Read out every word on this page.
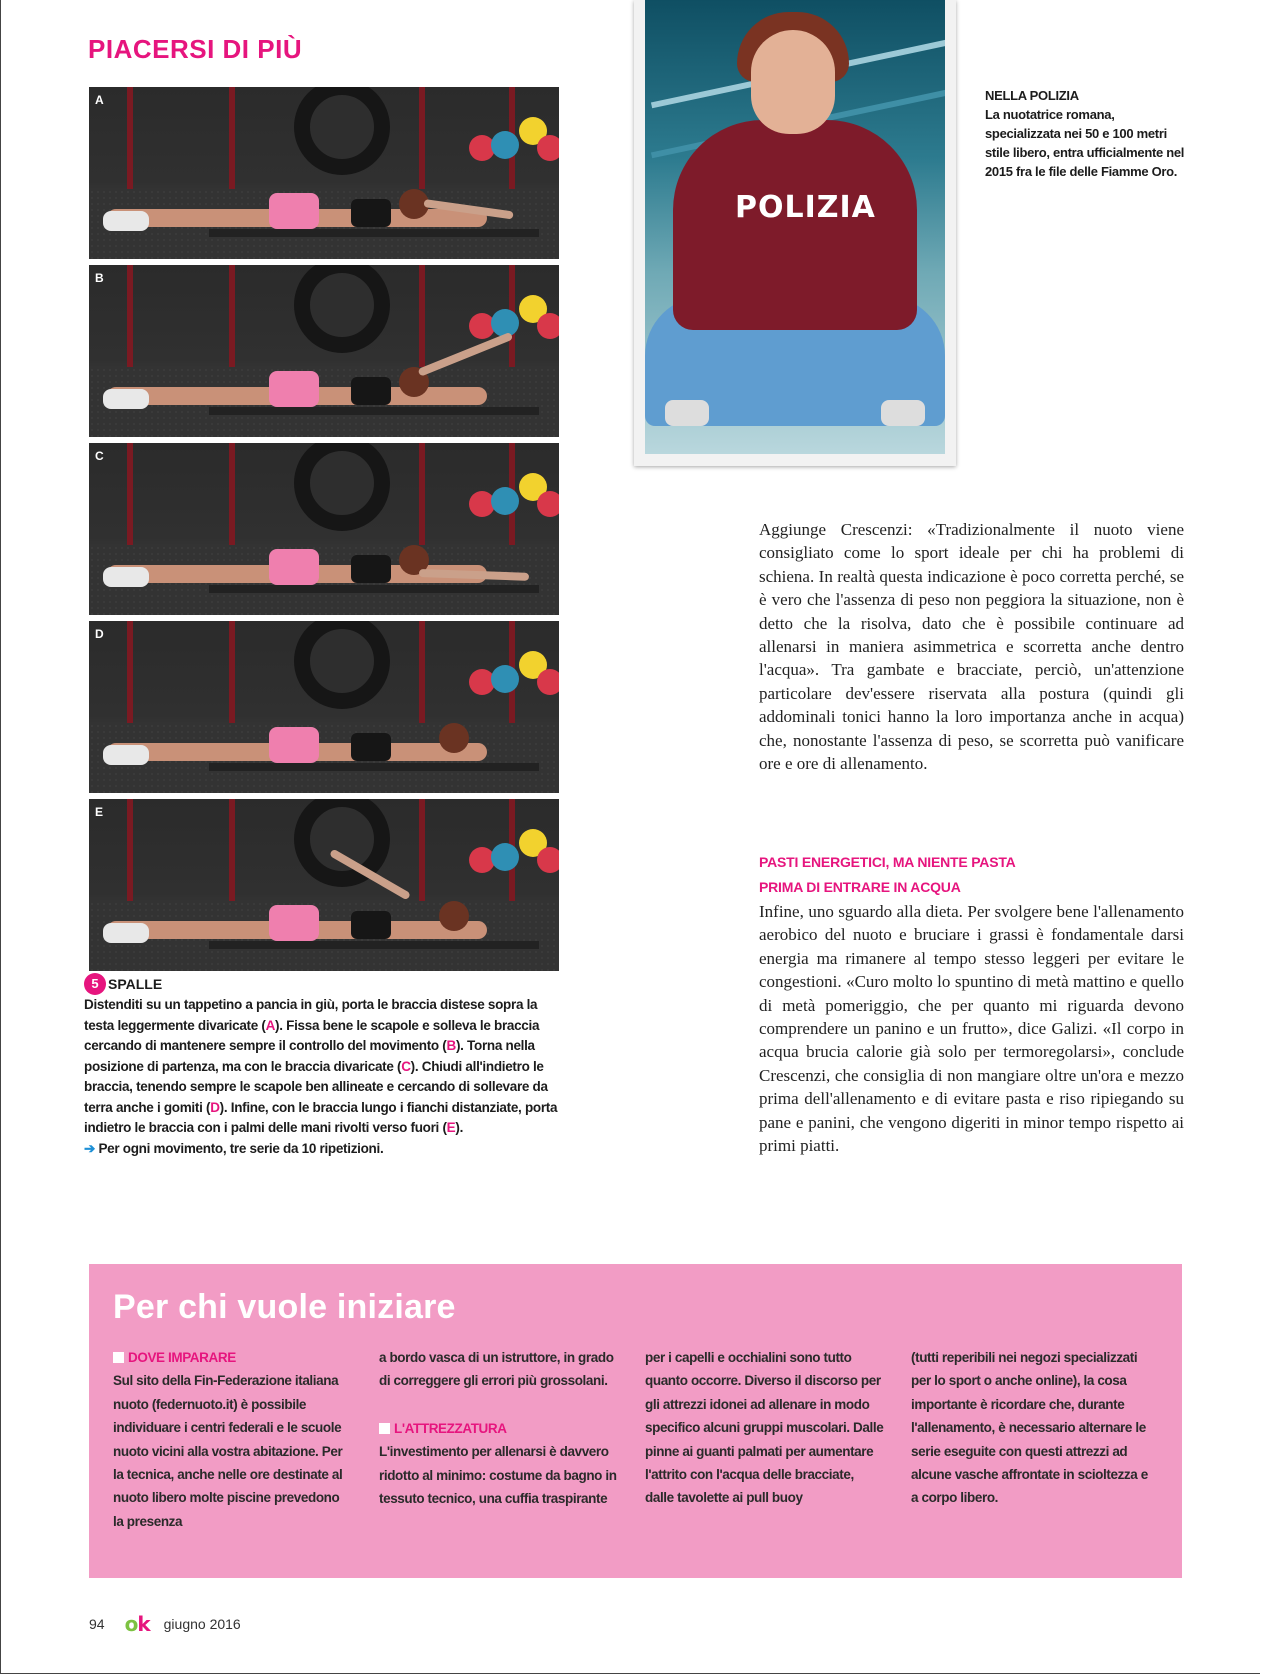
PIACERSI DI PIÙ
A
B
C
D
E
5 SPALLE

Distenditi su un tappetino a pancia in giù, porta le braccia distese sopra la testa leggermente divaricate (A). Fissa bene le scapole e solleva le braccia cercando di mantenere sempre il controllo del movimento (B). Torna nella posizione di partenza, ma con le braccia divaricate (C). Chiudi all'indietro le braccia, tenendo sempre le scapole ben allineate e cercando di sollevare da terra anche i gomiti (D). Infine, con le braccia lungo i fianchi distanziate, porta indietro le braccia con i palmi delle mani rivolti verso fuori (E).

➔ Per ogni movimento, tre serie da 10 ripetizioni.

POLIZIA
NELLA POLIZIA
La nuotatrice romana, specializzata nei 50 e 100 metri stile libero, entra ufficialmente nel 2015 fra le file delle Fiamme Oro.

Aggiunge Crescenzi: «Tradizionalmente il nuoto viene consigliato come lo sport ideale per chi ha problemi di schiena. In realtà questa indicazione è poco corretta perché, se è vero che l'assenza di peso non peggiora la situazione, non è detto che la risolva, dato che è possibile continuare ad allenarsi in maniera asimmetrica e scorretta anche dentro l'acqua». Tra gambate e bracciate, perciò, un'attenzione particolare dev'essere riservata alla postura (quindi gli addominali tonici hanno la loro importanza anche in acqua) che, nonostante l'assenza di peso, se scorretta può vanificare ore e ore di allenamento.

PASTI ENERGETICI, MA NIENTE PASTA
PRIMA DI ENTRARE IN ACQUA

Infine, uno sguardo alla dieta. Per svolgere bene l'allenamento aerobico del nuoto e bruciare i grassi è fondamentale darsi energia ma rimanere al tempo stesso leggeri per evitare le congestioni. «Curo molto lo spuntino di metà mattino e quello di metà pomeriggio, che per quanto mi riguarda devono comprendere un panino e un frutto», dice Galizi. «Il corpo in acqua brucia calorie già solo per termoregolarsi», conclude Crescenzi, che consiglia di non mangiare oltre un'ora e mezzo prima dell'allenamento e di evitare pasta e riso ripiegando su pane e panini, che vengono digeriti in minor tempo rispetto ai primi piatti.

Per chi vuole iniziare

DOVE IMPARARE

Sul sito della Fin-Federazione italiana nuoto (federnuoto.it) è possibile individuare i centri federali e le scuole nuoto vicini alla vostra abitazione. Per la tecnica, anche nelle ore destinate al nuoto libero molte piscine prevedono la presenza

a bordo vasca di un istruttore, in grado di correggere gli errori più grossolani.

L'ATTREZZATURA

L'investimento per allenarsi è davvero ridotto al minimo: costume da bagno in tessuto tecnico, una cuffia traspirante

per i capelli e occhialini sono tutto quanto occorre. Diverso il discorso per gli attrezzi idonei ad allenare in modo specifico alcuni gruppi muscolari. Dalle pinne ai guanti palmati per aumentare l'attrito con l'acqua delle bracciate, dalle tavolette ai pull buoy

(tutti reperibili nei negozi specializzati per lo sport o anche online), la cosa importante è ricordare che, durante l'allenamento, è necessario alternare le serie eseguite con questi attrezzi ad alcune vasche affrontate in scioltezza e a corpo libero.

94 ok giugno 2016
